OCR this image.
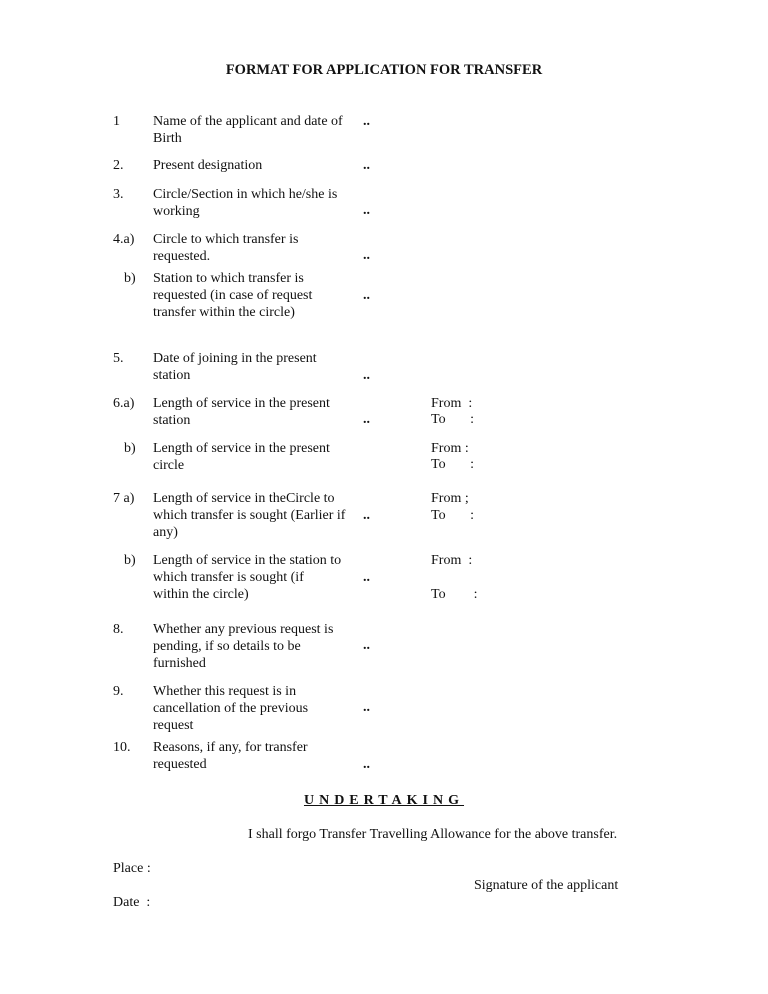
FORMAT FOR APPLICATION FOR TRANSFER
1 Name of the applicant and date of Birth
..
2. Present designation	..
3. Circle/Section in which he/she is working	..
4.a) Circle to which transfer is requested.	..
b) Station to which transfer is requested (in case of request transfer within the circle)
..
5. Date of joining in the present station	..
6.a) Length of service in the present station	..
From  :
To       :
b) Length of service in the present circle
From :
To       :
7 a) Length of service in theCircle to which transfer is sought (Earlier if any)
..
From ;
To       :
b) Length of service in the station to which transfer is sought (if within the circle)
..
From  :
To        :
8. Whether any previous request is pending, if so details to be furnished
..
9. Whether this request is in cancellation of the previous request
..
10. Reasons, if any, for transfer requested	..
UNDERTAKING
I shall forgo Transfer Travelling Allowance for the above transfer.
Place :
Signature of the applicant
Date  :
